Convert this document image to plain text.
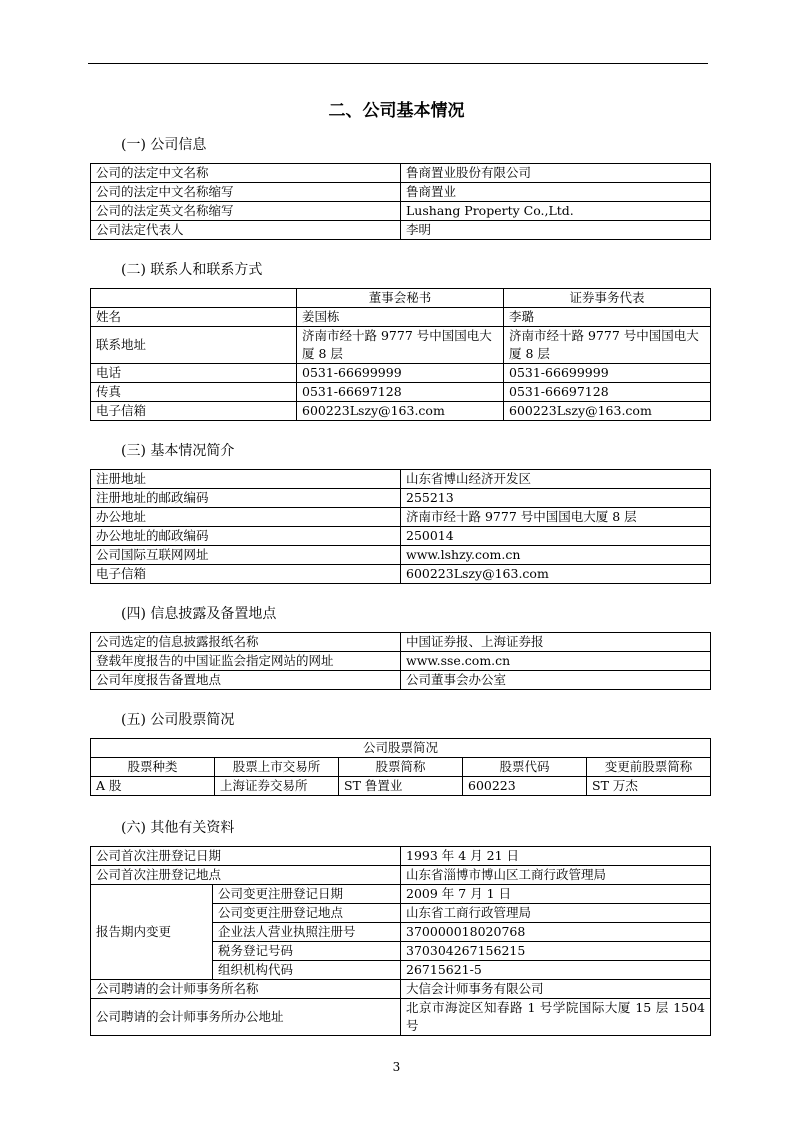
二、公司基本情况
(一) 公司信息
公司的法定中文名称	鲁商置业股份有限公司
公司的法定中文名称缩写	鲁商置业
公司的法定英文名称缩写	Lushang Property Co.,Ltd.
公司法定代表人	李明
(二) 联系人和联系方式
	董事会秘书	证券事务代表
姓名	姜国栋	李璐
联系地址	济南市经十路 9777 号中国国电大厦 8 层	济南市经十路 9777 号中国国电大厦 8 层
电话	0531-66699999	0531-66699999
传真	0531-66697128	0531-66697128
电子信箱	600223Lszy@163.com	600223Lszy@163.com
(三) 基本情况简介
注册地址	山东省博山经济开发区
注册地址的邮政编码	255213
办公地址	济南市经十路 9777 号中国国电大厦 8 层
办公地址的邮政编码	250014
公司国际互联网网址	www.lshzy.com.cn
电子信箱	600223Lszy@163.com
(四) 信息披露及备置地点
公司选定的信息披露报纸名称	中国证券报、上海证券报
登载年度报告的中国证监会指定网站的网址	www.sse.com.cn
公司年度报告备置地点	公司董事会办公室
(五) 公司股票简况
公司股票简况				
股票种类	股票上市交易所	股票简称	股票代码	变更前股票简称
A 股	上海证券交易所	ST 鲁置业	600223	ST 万杰
(六) 其他有关资料
公司首次注册登记日期		1993 年 4 月 21 日
公司首次注册登记地点		山东省淄博市博山区工商行政管理局
报告期内变更	公司变更注册登记日期	2009 年 7 月 1 日
	公司变更注册登记地点	山东省工商行政管理局
	企业法人营业执照注册号	370000018020768
	税务登记号码	370304267156215
	组织机构代码	26715621-5
公司聘请的会计师事务所名称		大信会计师事务有限公司
公司聘请的会计师事务所办公地址		北京市海淀区知春路 1 号学院国际大厦 15 层 1504 号
3
